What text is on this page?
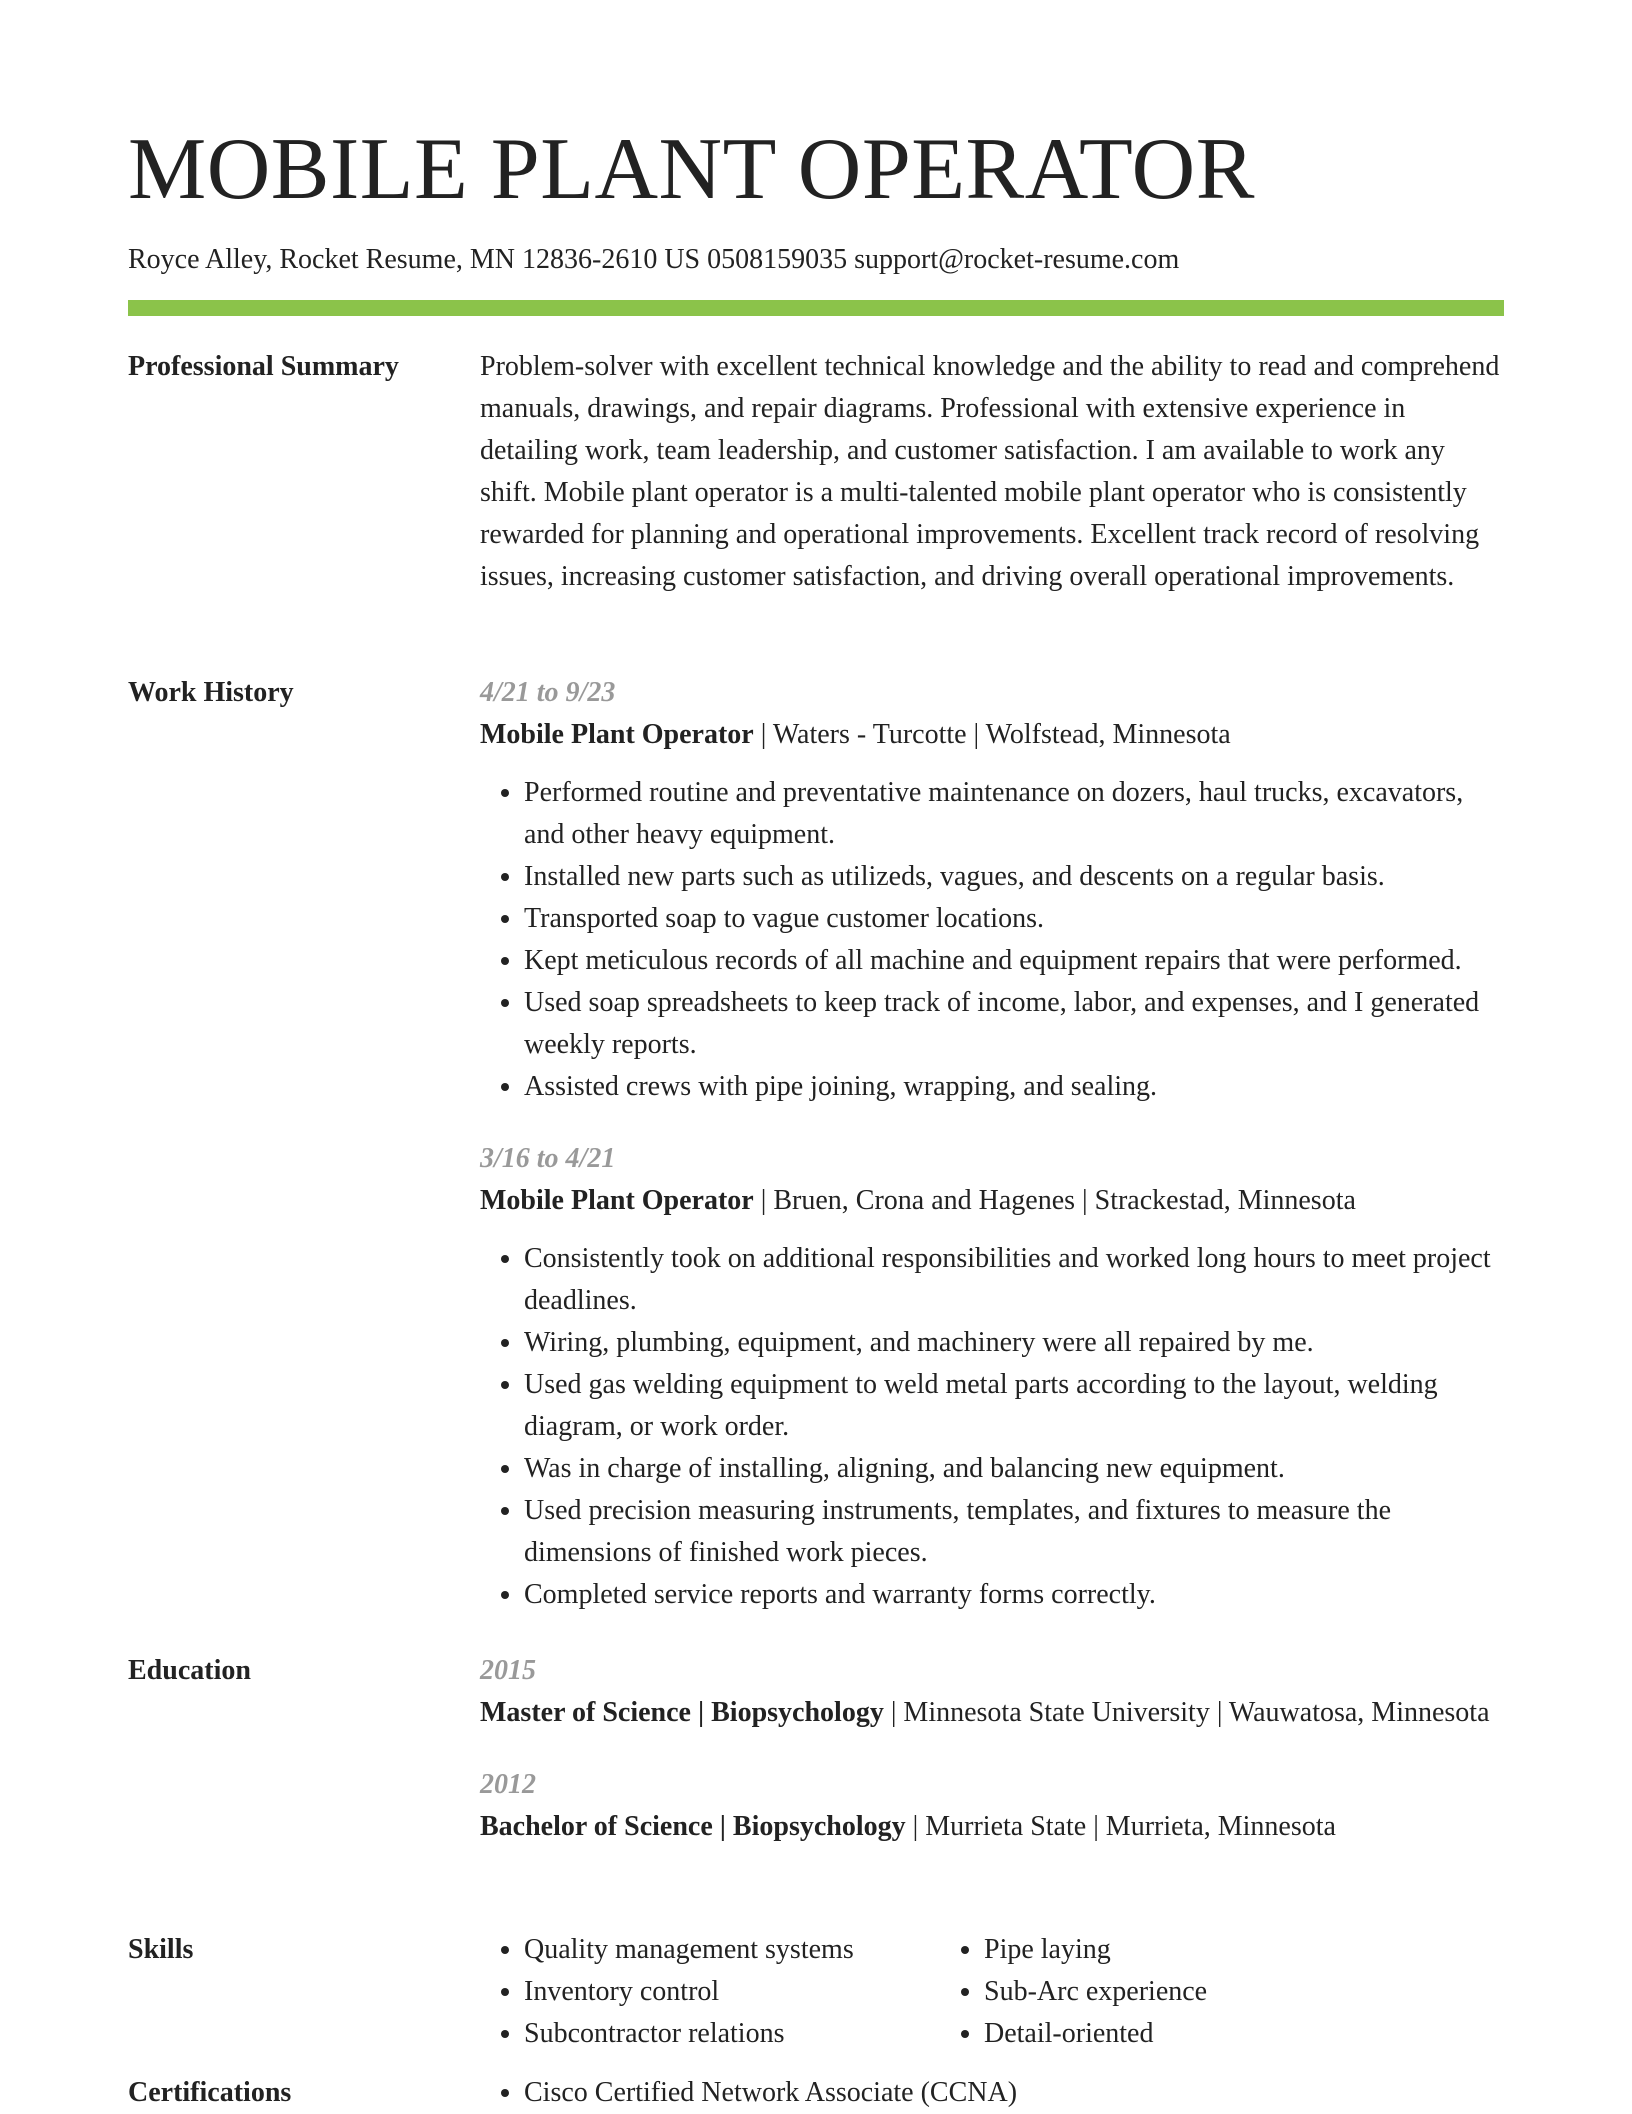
MOBILE PLANT OPERATOR
Royce Alley, Rocket Resume, MN 12836-2610 US 0508159035 support@rocket-resume.com
Professional Summary	Problem-solver with excellent technical knowledge and the ability to read and comprehend manuals, drawings, and repair diagrams. Professional with extensive experience in detailing work, team leadership, and customer satisfaction. I am available to work any shift. Mobile plant operator is a multi-talented mobile plant operator who is consistently rewarded for planning and operational improvements. Excellent track record of resolving issues, increasing customer satisfaction, and driving overall operational improvements.
Work History	4/21 to 9/23
Mobile Plant Operator | Waters - Turcotte | Wolfstead, Minnesota
• Performed routine and preventative maintenance on dozers, haul trucks, excavators, and other heavy equipment.
• Installed new parts such as utilizeds, vagues, and descents on a regular basis.
• Transported soap to vague customer locations.
• Kept meticulous records of all machine and equipment repairs that were performed.
• Used soap spreadsheets to keep track of income, labor, and expenses, and I generated weekly reports.
• Assisted crews with pipe joining, wrapping, and sealing.
3/16 to 4/21
Mobile Plant Operator | Bruen, Crona and Hagenes | Strackestad, Minnesota
• Consistently took on additional responsibilities and worked long hours to meet project deadlines.
• Wiring, plumbing, equipment, and machinery were all repaired by me.
• Used gas welding equipment to weld metal parts according to the layout, welding diagram, or work order.
• Was in charge of installing, aligning, and balancing new equipment.
• Used precision measuring instruments, templates, and fixtures to measure the dimensions of finished work pieces.
• Completed service reports and warranty forms correctly.
Education	2015
Master of Science | Biopsychology | Minnesota State University | Wauwatosa, Minnesota
2012
Bachelor of Science | Biopsychology | Murrieta State | Murrieta, Minnesota
Skills	• Quality management systems
• Inventory control
• Subcontractor relations
• Pipe laying
• Sub-Arc experience
• Detail-oriented
Certifications	• Cisco Certified Network Associate (CCNA)
